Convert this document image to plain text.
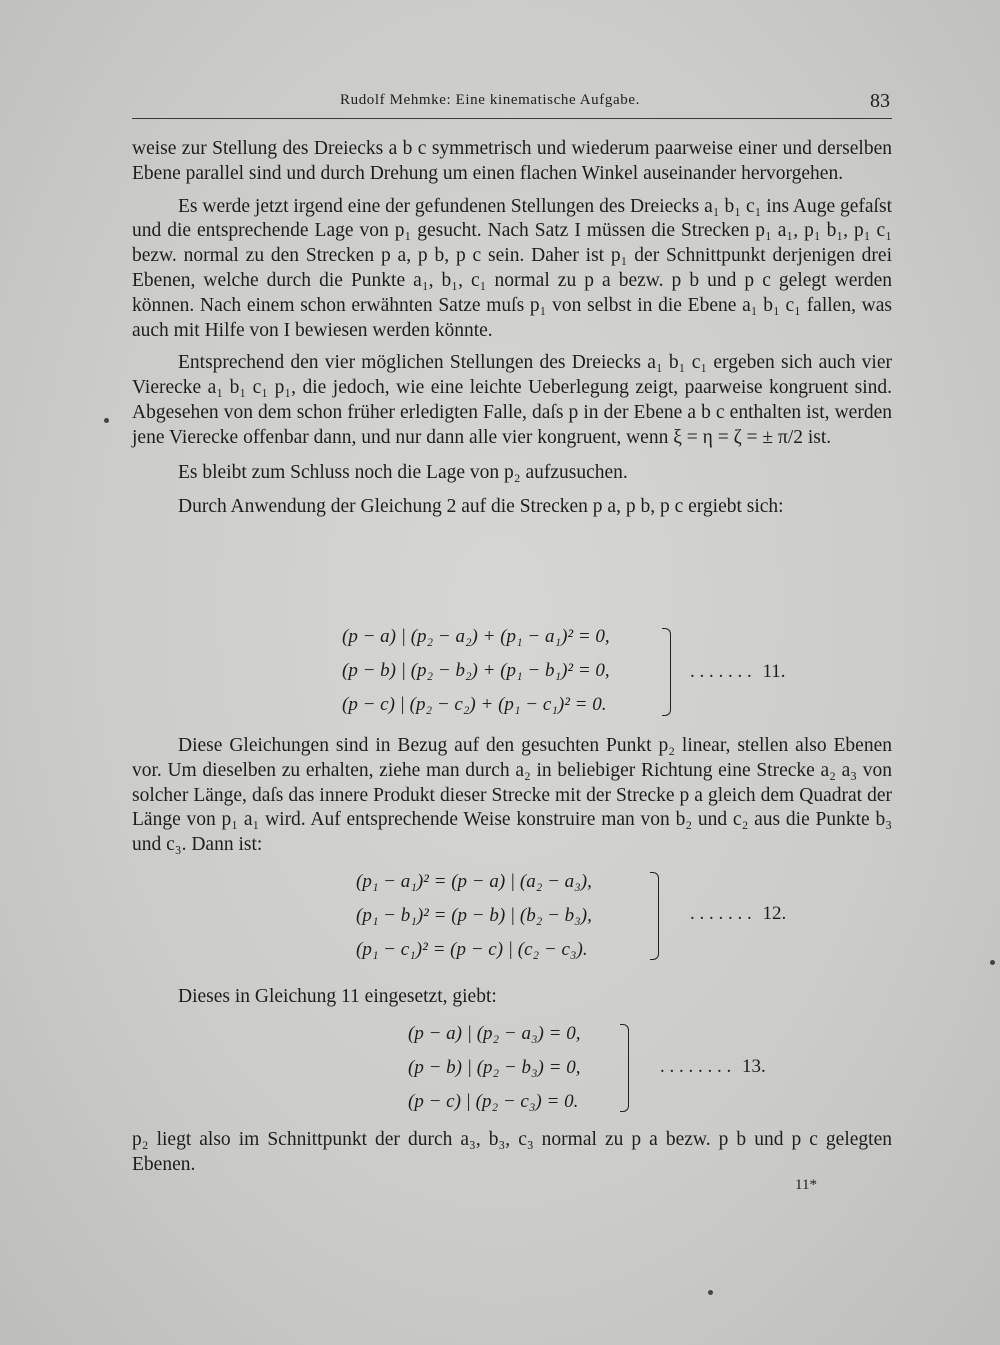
Rudolf Mehmke: Eine kinematische Aufgabe.	83

weise zur Stellung des Dreiecks a b c symmetrisch und wiederum paarweise einer und derselben Ebene parallel sind und durch Drehung um einen flachen Winkel auseinander hervorgehen.

Es werde jetzt irgend eine der gefundenen Stellungen des Dreiecks a₁ b₁ c₁ ins Auge gefaſst und die entsprechende Lage von p₁ gesucht. Nach Satz I müssen die Strecken p₁ a₁, p₁ b₁, p₁ c₁ bezw. normal zu den Strecken p a, p b, p c sein. Daher ist p₁ der Schnittpunkt derjenigen drei Ebenen, welche durch die Punkte a₁, b₁, c₁ normal zu p a bezw. p b und p c gelegt werden können. Nach einem schon erwähnten Satze muſs p₁ von selbst in die Ebene a₁ b₁ c₁ fallen, was auch mit Hilfe von I bewiesen werden könnte.

Entsprechend den vier möglichen Stellungen des Dreiecks a₁ b₁ c₁ ergeben sich auch vier Vierecke a₁ b₁ c₁ p₁, die jedoch, wie eine leichte Ueberlegung zeigt, paarweise kongruent sind. Abgesehen von dem schon früher erledigten Falle, daſs p in der Ebene a b c enthalten ist, werden jene Vierecke offenbar dann, und nur dann alle vier kongruent, wenn ξ = η = ζ = ± π/2 ist.

Es bleibt zum Schluss noch die Lage von p₂ aufzusuchen.

Durch Anwendung der Gleichung 2 auf die Strecken p a, p b, p c ergiebt sich:

(p − a) | (p₂ − a₂) + (p₁ − a₁)² = 0,
(p − b) | (p₂ − b₂) + (p₁ − b₁)² = 0,
(p − c) | (p₂ − c₂) + (p₁ − c₁)² = 0.
. . . . . . . 11.

Diese Gleichungen sind in Bezug auf den gesuchten Punkt p₂ linear, stellen also Ebenen vor. Um dieselben zu erhalten, ziehe man durch a₂ in beliebiger Richtung eine Strecke a₂ a₃ von solcher Länge, daſs das innere Produkt dieser Strecke mit der Strecke p a gleich dem Quadrat der Länge von p₁ a₁ wird. Auf entsprechende Weise konstruire man von b₂ und c₂ aus die Punkte b₃ und c₃. Dann ist:

(p₁ − a₁)² = (p − a) | (a₂ − a₃),
(p₁ − b₁)² = (p − b) | (b₂ − b₃),
(p₁ − c₁)² = (p − c) | (c₂ − c₃).
. . . . . . . 12.

Dieses in Gleichung 11 eingesetzt, giebt:

(p − a) | (p₂ − a₃) = 0,
(p − b) | (p₂ − b₃) = 0,
(p − c) | (p₂ − c₃) = 0.
. . . . . . . . 13.

p₂ liegt also im Schnittpunkt der durch a₃, b₃, c₃ normal zu p a bezw. p b und p c gelegten Ebenen.

11*
